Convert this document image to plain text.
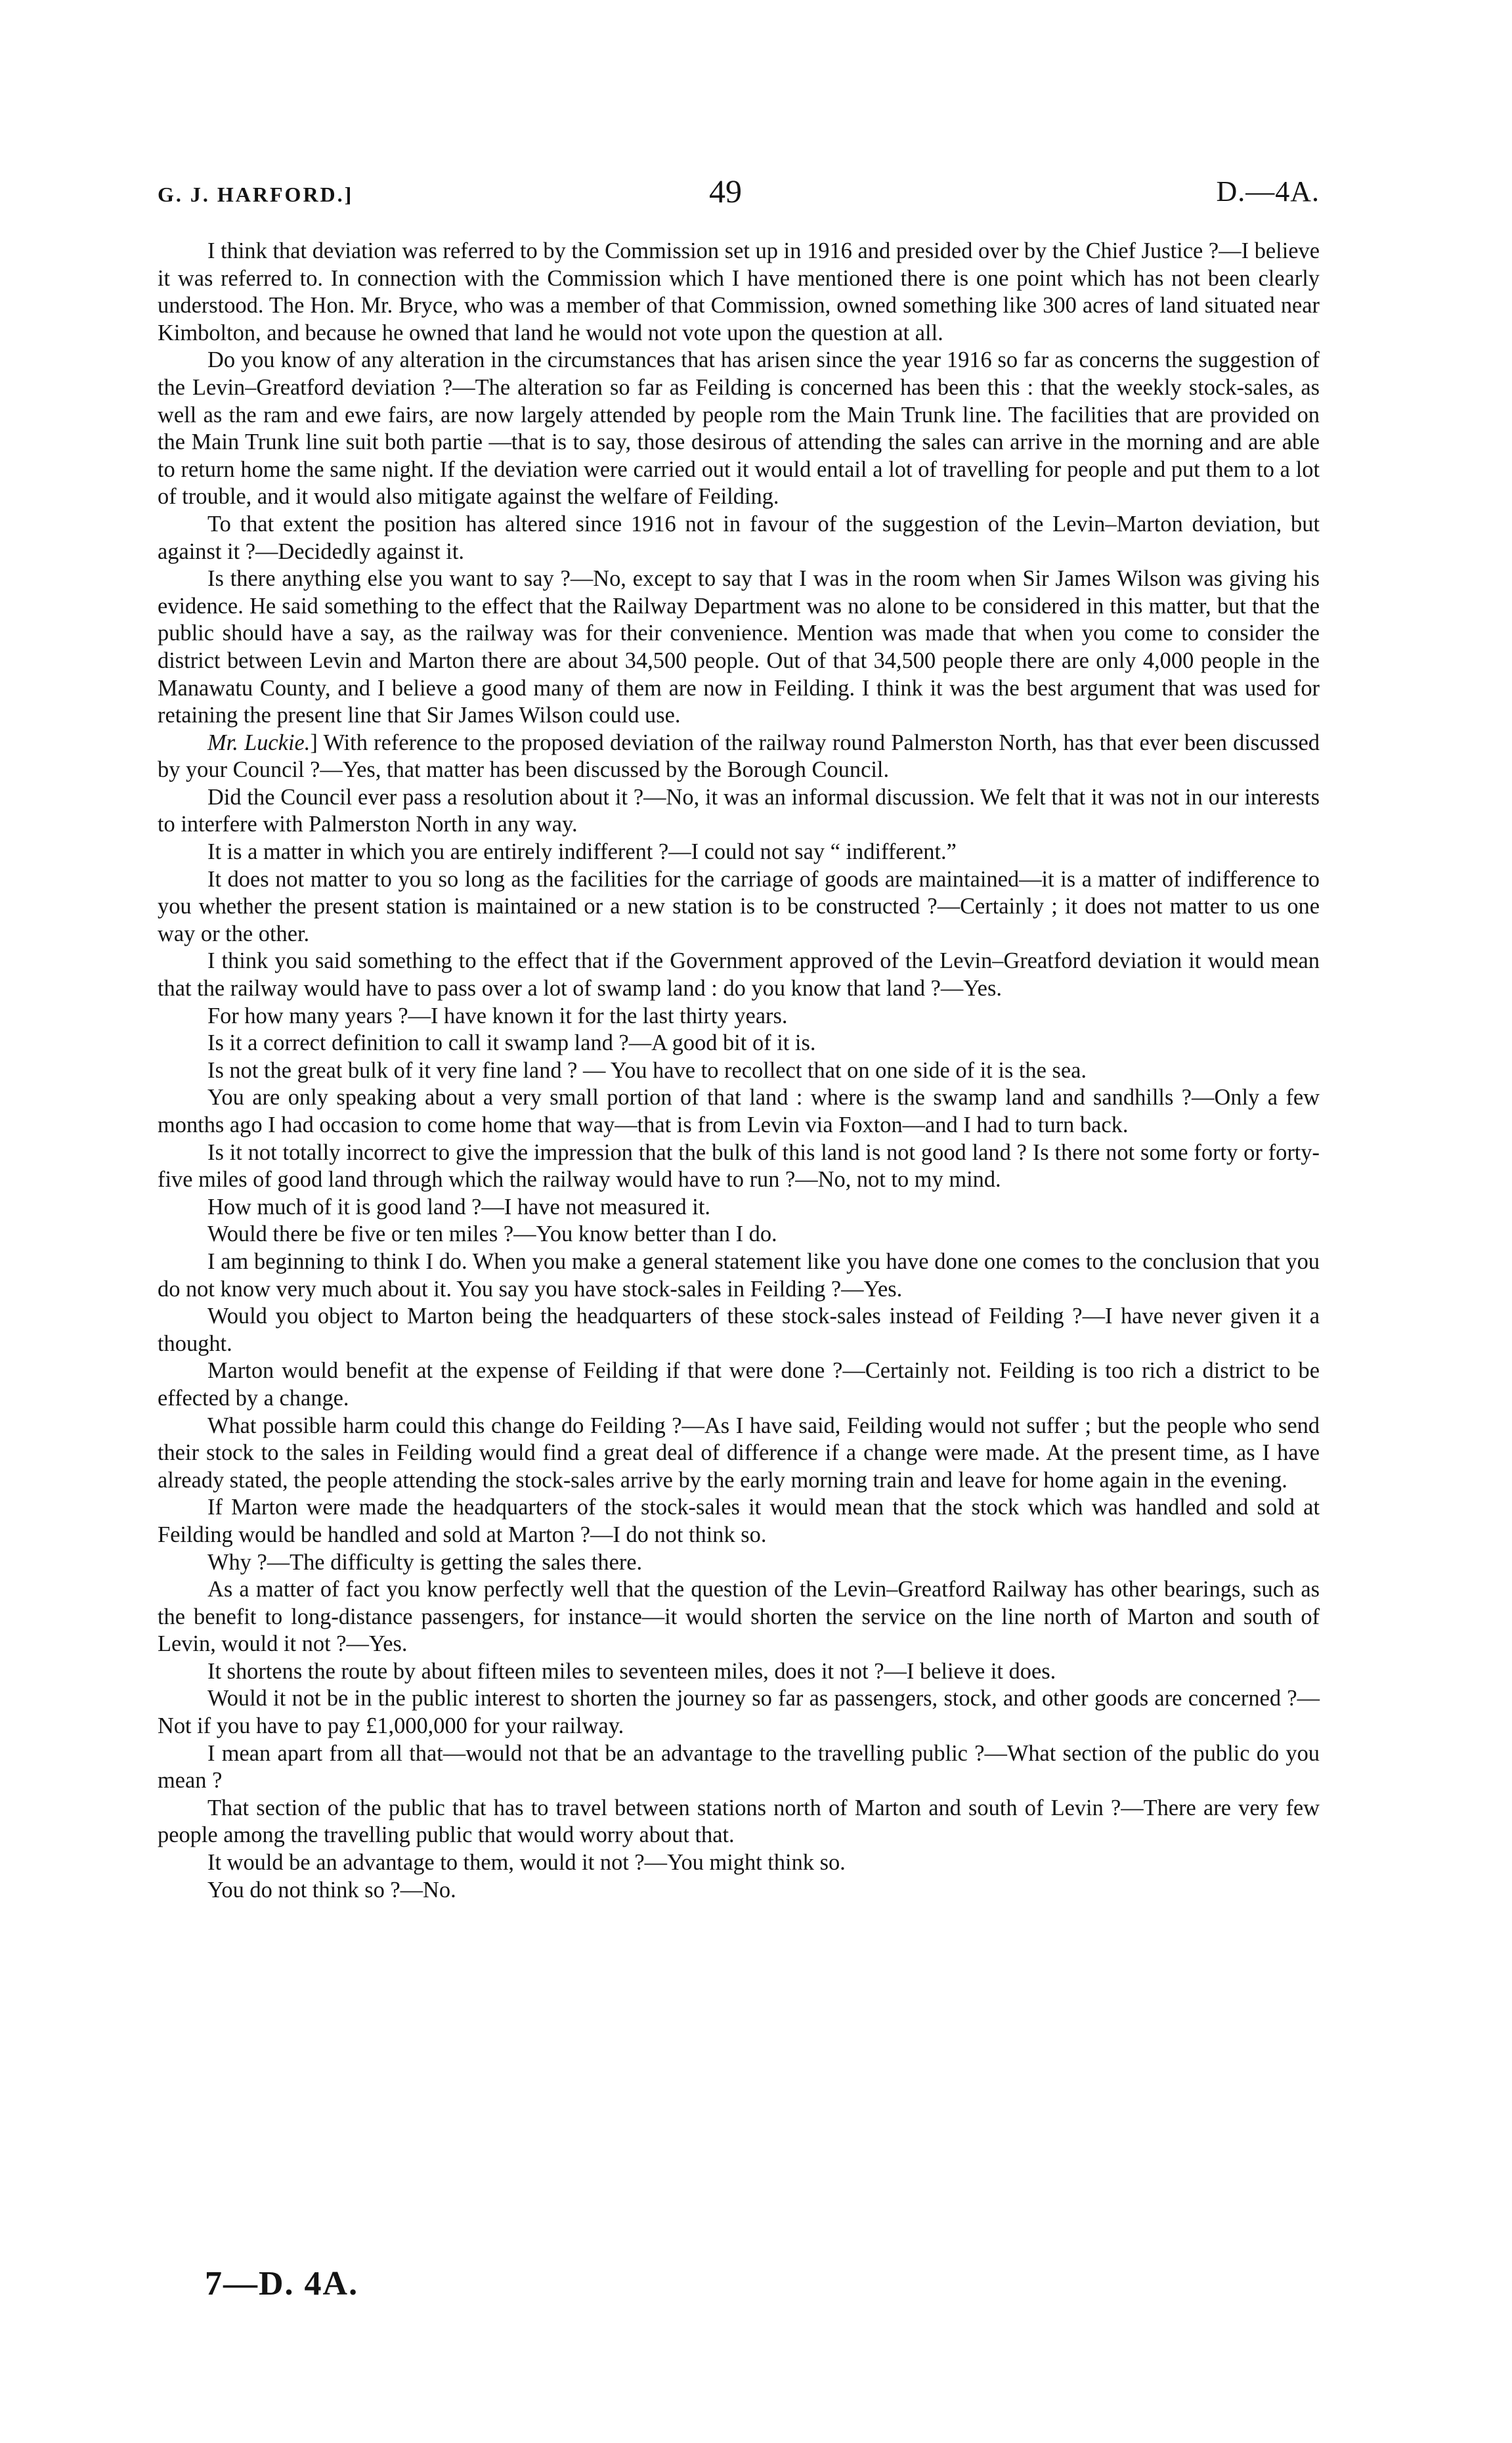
G. J. HARFORD.]	49	D.—4A.

I think that deviation was referred to by the Commission set up in 1916 and presided over by the Chief Justice ?—I believe it was referred to. In connection with the Commission which I have mentioned there is one point which has not been clearly understood. The Hon. Mr. Bryce, who was a member of that Commission, owned something like 300 acres of land situated near Kimbolton, and because he owned that land he would not vote upon the question at all.

Do you know of any alteration in the circumstances that has arisen since the year 1916 so far as concerns the suggestion of the Levin–Greatford deviation ?—The alteration so far as Feilding is concerned has been this : that the weekly stock-sales, as well as the ram and ewe fairs, are now largely attended by people rom the Main Trunk line. The facilities that are provided on the Main Trunk line suit both partie —that is to say, those desirous of attending the sales can arrive in the morning and are able to return home the same night. If the deviation were carried out it would entail a lot of travelling for people and put them to a lot of trouble, and it would also mitigate against the welfare of Feilding.

To that extent the position has altered since 1916 not in favour of the suggestion of the Levin–Marton deviation, but against it ?—Decidedly against it.

Is there anything else you want to say ?—No, except to say that I was in the room when Sir James Wilson was giving his evidence. He said something to the effect that the Railway Department was no alone to be considered in this matter, but that the public should have a say, as the railway was for their convenience. Mention was made that when you come to consider the district between Levin and Marton there are about 34,500 people. Out of that 34,500 people there are only 4,000 people in the Manawatu County, and I believe a good many of them are now in Feilding. I think it was the best argument that was used for retaining the present line that Sir James Wilson could use.

Mr. Luckie.] With reference to the proposed deviation of the railway round Palmerston North, has that ever been discussed by your Council ?—Yes, that matter has been discussed by the Borough Council.

Did the Council ever pass a resolution about it ?—No, it was an informal discussion. We felt that it was not in our interests to interfere with Palmerston North in any way.

It is a matter in which you are entirely indifferent ?—I could not say “ indifferent.”

It does not matter to you so long as the facilities for the carriage of goods are maintained—it is a matter of indifference to you whether the present station is maintained or a new station is to be constructed ?—Certainly ; it does not matter to us one way or the other.

I think you said something to the effect that if the Government approved of the Levin–Greatford deviation it would mean that the railway would have to pass over a lot of swamp land : do you know that land ?—Yes.

For how many years ?—I have known it for the last thirty years.

Is it a correct definition to call it swamp land ?—A good bit of it is.

Is not the great bulk of it very fine land ? — You have to recollect that on one side of it is the sea.

You are only speaking about a very small portion of that land : where is the swamp land and sandhills ?—Only a few months ago I had occasion to come home that way—that is from Levin via Foxton—and I had to turn back.

Is it not totally incorrect to give the impression that the bulk of this land is not good land ? Is there not some forty or forty-five miles of good land through which the railway would have to run ?—No, not to my mind.

How much of it is good land ?—I have not measured it.

Would there be five or ten miles ?—You know better than I do.

I am beginning to think I do. When you make a general statement like you have done one comes to the conclusion that you do not know very much about it. You say you have stock-sales in Feilding ?—Yes.

Would you object to Marton being the headquarters of these stock-sales instead of Feilding ?—I have never given it a thought.

Marton would benefit at the expense of Feilding if that were done ?—Certainly not. Feilding is too rich a district to be effected by a change.

What possible harm could this change do Feilding ?—As I have said, Feilding would not suffer ; but the people who send their stock to the sales in Feilding would find a great deal of difference if a change were made. At the present time, as I have already stated, the people attending the stock-sales arrive by the early morning train and leave for home again in the evening.

If Marton were made the headquarters of the stock-sales it would mean that the stock which was handled and sold at Feilding would be handled and sold at Marton ?—I do not think so.

Why ?—The difficulty is getting the sales there.

As a matter of fact you know perfectly well that the question of the Levin–Greatford Railway has other bearings, such as the benefit to long-distance passengers, for instance—it would shorten the service on the line north of Marton and south of Levin, would it not ?—Yes.

It shortens the route by about fifteen miles to seventeen miles, does it not ?—I believe it does.

Would it not be in the public interest to shorten the journey so far as passengers, stock, and other goods are concerned ?—Not if you have to pay £1,000,000 for your railway.

I mean apart from all that—would not that be an advantage to the travelling public ?—What section of the public do you mean ?

That section of the public that has to travel between stations north of Marton and south of Levin ?—There are very few people among the travelling public that would worry about that.

It would be an advantage to them, would it not ?—You might think so.

You do not think so ?—No.

7—D. 4A.
